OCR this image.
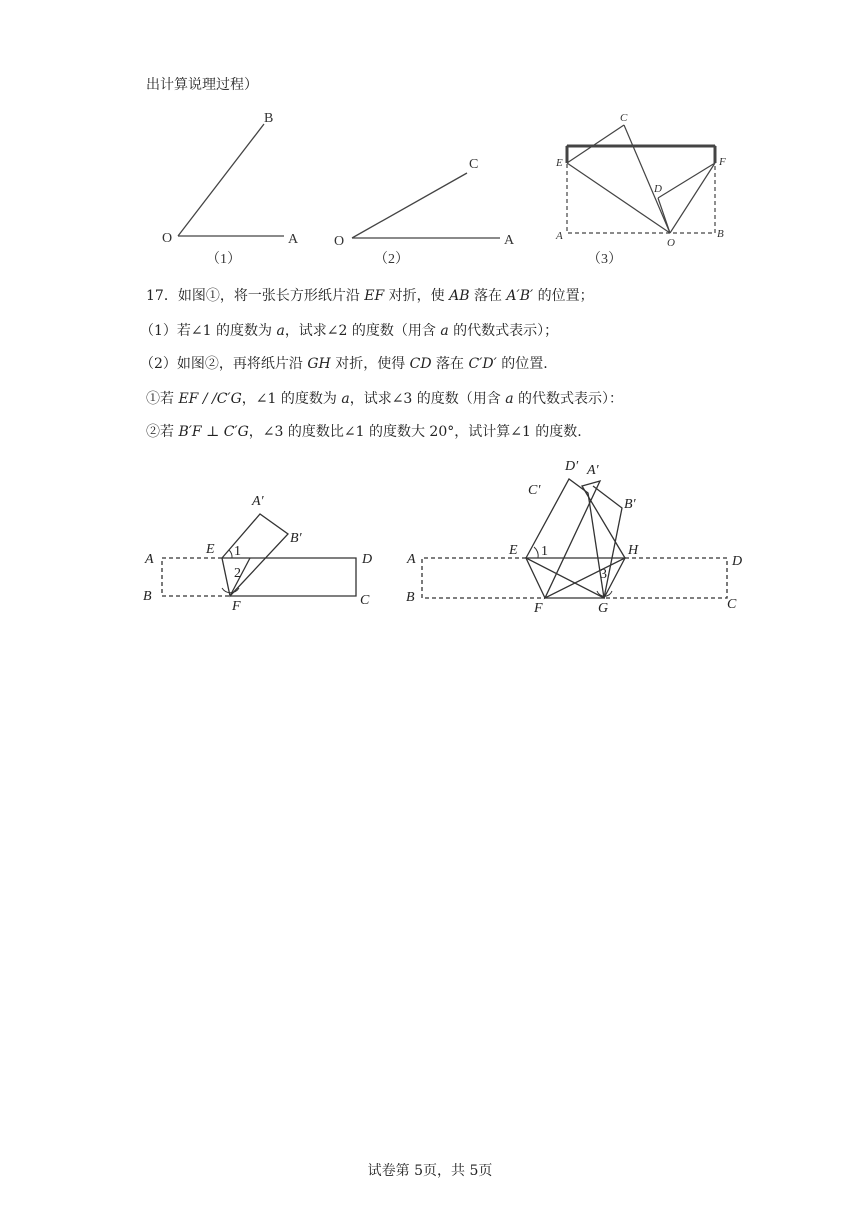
出计算说理过程）
B
O	A
C
O	A
C
E	F
D
A
O
B
（1）	（2）	（3）
17．如图①，将一张长方形纸片沿 EF 对折，使 AB 落在 A′B′ 的位置；
（1）若∠1 的度数为 a，试求∠2 的度数（用含 a 的代数式表示）；
（2）如图②，再将纸片沿 GH 对折，使得 CD 落在 C′D′ 的位置.
①若 EF / /C′G，∠1 的度数为 a，试求∠3 的度数（用含 a 的代数式表示）：
②若 B′F ⊥ C′G，∠3 的度数比∠1 的度数大 20°，试计算∠1 的度数.
A′
B′
A
E
D
B
F	C
1
2
D′ A′
C′
B′
A
E	H
D
B
F	G	C
1
3
试卷第 5页，共 5页
